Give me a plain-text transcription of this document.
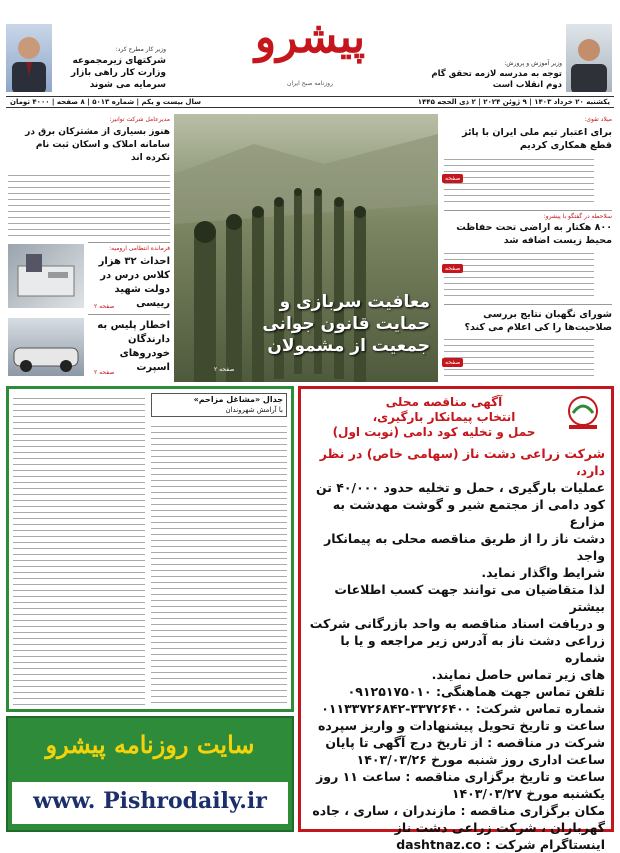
وزیر کار مطرح کرد:
شرکتهای زیرمجموعه وزارت کار راهی بازار سرمایه می شوند
پیشرو
روزنامه صبح ایران
وزیر آموزش و پرورش:
توجه به مدرسه لازمه تحقق گام دوم انقلاب است
یکشنبه ۲۰ خرداد ۱۴۰۳ | ۹ ژوئن ۲۰۲۴ | ۲ ذی الحجه ۱۴۴۵
سال بیست و یکم | شماره ۵۰۱۳ | ۸ صفحه | ۴۰۰۰ تومان
مدیرعامل شرکت توانیر:
هنوز بسیاری از مشترکان برق در سامانه املاک و اسکان ثبت نام نکرده اند
فرمانده انتظامی ارومیه:
احداث ۳۲ هزار کلاس درس در دولت شهید رییسی
صفحه ۲
اخطار پلیس به دارندگان خودروهای اسپرت
صفحه ۲
معافیت سربازی و
حمایت قانون جوانی
جمعیت از مشمولان
صفحه ۲
میلاد تقوی:
برای اعتبار تیم ملی ایران با پائز قطع همکاری کردیم
صفحه
سلاحطه در گفتگو با پیشرو:
۸۰۰ هکتار به اراضی تحت حفاظت محیط زیست اضافه شد
صفحه
شورای نگهبان نتایج بررسی صلاحیت‌ها را کی اعلام می کند؟
صفحه
جدال «مشاغل مزاحم»
با آرامش شهروندان
آگهی مناقصه محلی
انتخاب پیمانکار بارگیری،
حمل و تخلیه کود دامی (نوبت اول)
شرکت زراعی دشت ناز (سهامی خاص) در نظر دارد،
عملیات بارگیری ، حمل و تخلیه حدود ۴۰/۰۰۰ تن
کود دامی از مجتمع شیر و گوشت مهدشت به مزارع
دشت ناز را از طریق مناقصه محلی به پیمانکار واجد
شرایط واگذار نماید.
لذا متقاضیان می توانند جهت کسب اطلاعات بیشتر
و دریافت اسناد مناقصه به واحد بازرگانی شرکت
زراعی دشت ناز به آدرس زیر مراجعه و یا با شماره
های زیر تماس حاصل نمایند.
تلفن تماس جهت هماهنگی: ۰۹۱۲۵۱۷۵۰۱۰
شماره تماس شرکت: ۳۳۷۲۶۴۰۰-۰۱۱۳۳۷۲۶۸۴۲
ساعت و تاریخ تحویل پیشنهادات و واریز سپرده
شرکت در مناقصه : از تاریخ درج آگهی تا پایان
ساعت اداری روز شنبه مورخ ۱۴۰۳/۰۳/۲۶
ساعت و تاریخ برگزاری مناقصه : ساعت ۱۱ روز
یکشنبه مورخ ۱۴۰۳/۰۳/۲۷
مکان برگزاری مناقصه : مازندران ، ساری ، جاده
گهرباران ، شرکت زراعی دشت ناز
اینستاگرام شرکت : dashtnaz.co
سایت روزنامه پیشرو
www. Pishrodaily.ir
